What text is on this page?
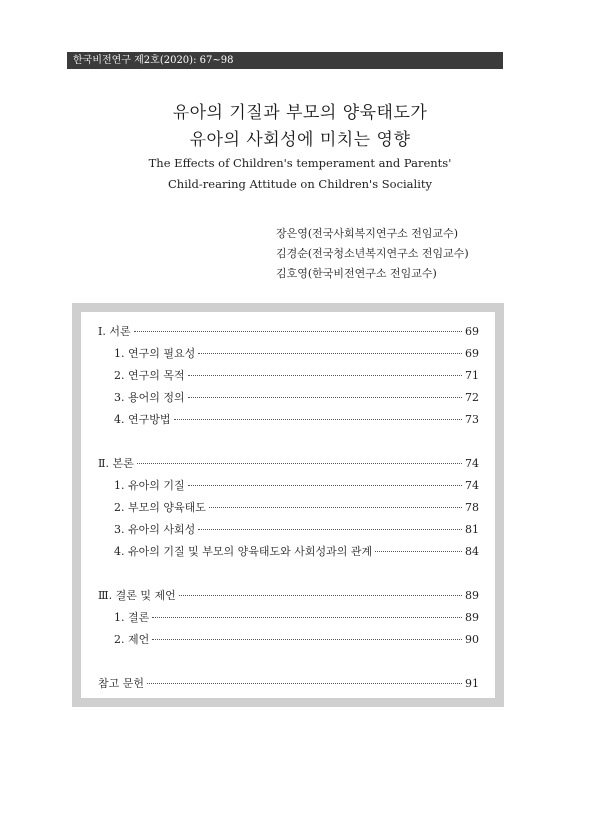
한국비전연구 제2호(2020): 67~98
유아의 기질과 부모의 양육태도가
유아의 사회성에 미치는 영향
The Effects of Children's temperament and Parents'
Child-rearing Attitude on Children's Sociality
장은영(전국사회복지연구소 전임교수)
김경순(전국청소년복지연구소 전임교수)
김호영(한국비전연구소 전임교수)
Ⅰ. 서론	69
1. 연구의 필요성	69
2. 연구의 목적	71
3. 용어의 정의	72
4. 연구방법	73
Ⅱ. 본론	74
1. 유아의 기질	74
2. 부모의 양육태도	78
3. 유아의 사회성	81
4. 유아의 기질 및 부모의 양육태도와 사회성과의 관계	84
Ⅲ. 결론 및 제언	89
1. 결론	89
2. 제언	90
참고 문헌	91
